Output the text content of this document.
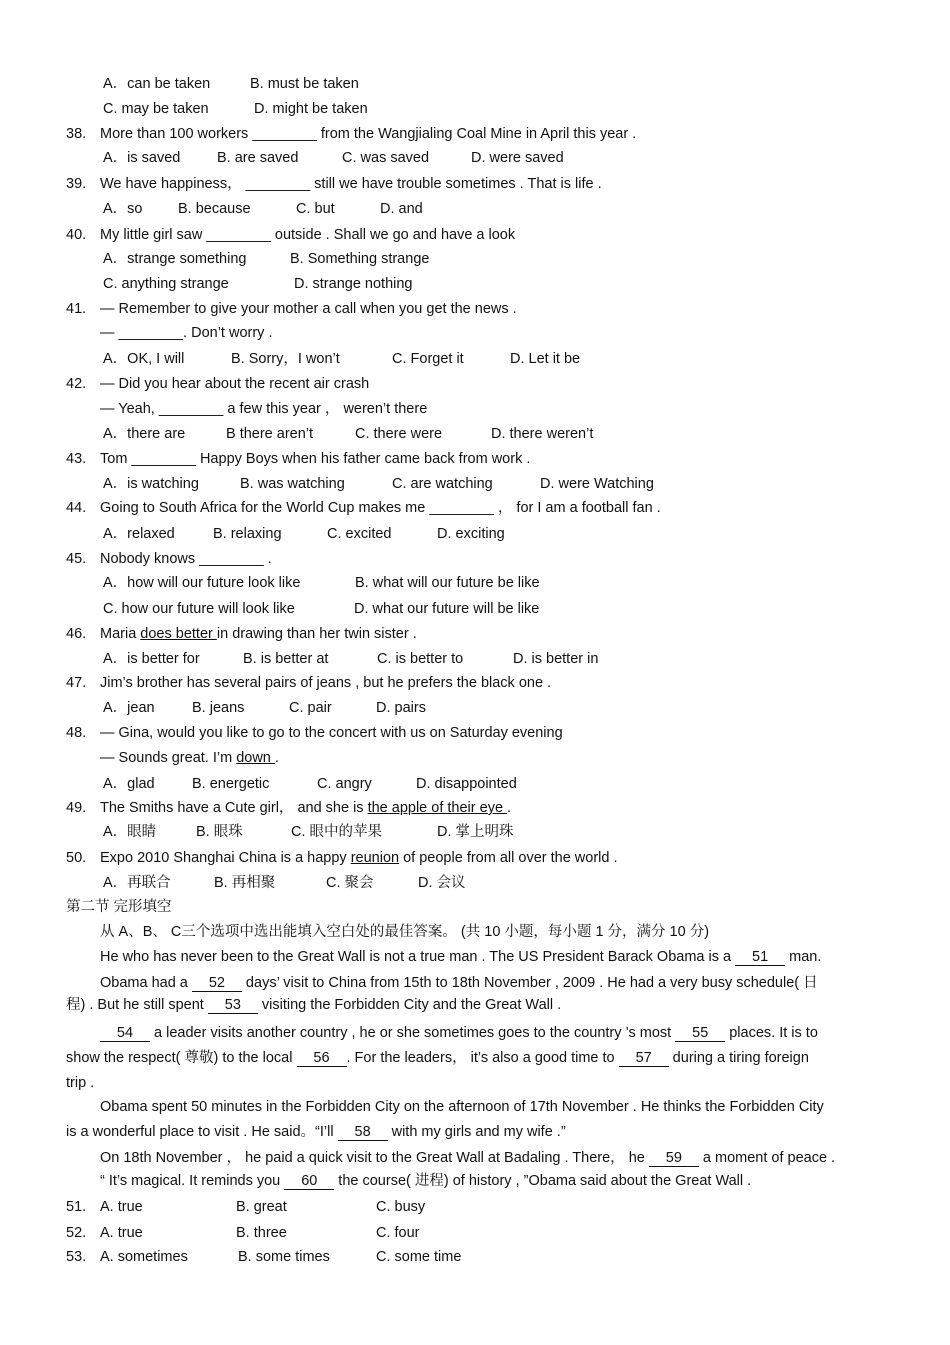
A．can be taken	B. must be taken
C. may be taken	D. might be taken
38. More than 100 workers ________ from the Wangjialing Coal Mine in April this year .
A．is saved	B. are saved	C. was saved	D. were saved
39. We have happiness， ________ still we have trouble sometimes . That is life .
A．so B. because	C. but	D. and
40. My little girl saw ________ outside . Shall we go and have a look
A．strange something	B. Something strange
C. anything strange	D. strange nothing
41. — Remember to give your mother a call when you get the news .
— ________. Don’t worry .
A．OK, I will	B. Sorry，I won’t	C. Forget it	D. Let it be
42. — Did you hear about the recent air crash
— Yeah, ________ a few this year ， weren’t there
A．there are	B there aren’t	C. there were	D. there weren’t
43. Tom ________ Happy Boys when his father came back from work .
A．is watching	B. was watching	C. are watching	D. were Watching
44. Going to South Africa for the World Cup makes me ________ ， for I am a football fan .
A．relaxed	B. relaxing	C. excited	D. exciting
45. Nobody knows ________ .
A．how will our future look like	B. what will our future be like
C. how our future will look like	D. what our future will be like
46. Maria does better in drawing than her twin sister .
A．is better for	B. is better at	C. is better to	D. is better in
47. Jim’s brother has several pairs of jeans , but he prefers the black one .
A．jean	B. jeans	C. pair	D. pairs
48. — Gina, would you like to go to the concert with us on Saturday evening
— Sounds great. I’m down .
A．glad	B. energetic	C. angry	D. disappointed
49. The Smiths have a Cute girl， and she is the apple of their eye .
A．眼睛	B. 眼珠	C. 眼中的苹果	D. 掌上明珠
50. Expo 2010 Shanghai China is a happy reunion of people from all over the world .
A．再联合	B. 再相聚	C. 聚会	D. 会议
第二节 完形填空
从 A、B、 C三个选项中选出能填入空白处的最佳答案。 (共 10 小题，每小题 1 分，满分 10 分)
He who has never been to the Great Wall is not a true man . The US President Barack Obama is a 51 man.
Obama had a 52 days’ visit to China from 15th to 18th November , 2009 . He had a very busy schedule( 日
程) . But he still spent 53 visiting the Forbidden City and the Great Wall .
54 a leader visits another country , he or she sometimes goes to the country ’s most 55 places. It is to
show the respect( 尊敬) to the local 56 . For the leaders， it’s also a good time to 57 during a tiring foreign
trip .
Obama spent 50 minutes in the Forbidden City on the afternoon of 17th November . He thinks the Forbidden City
is a wonderful place to visit . He said。“I’ll 58 with my girls and my wife .”
On 18th November ， he paid a quick visit to the Great Wall at Badaling . There， he 59 a moment of peace .
“ It’s magical. It reminds you 60 the course( 进程) of history , ”Obama said about the Great Wall .
51. A. true	B. great	C. busy
52. A. true	B. three	C. four
53. A. sometimes	B. some times	C. some time
